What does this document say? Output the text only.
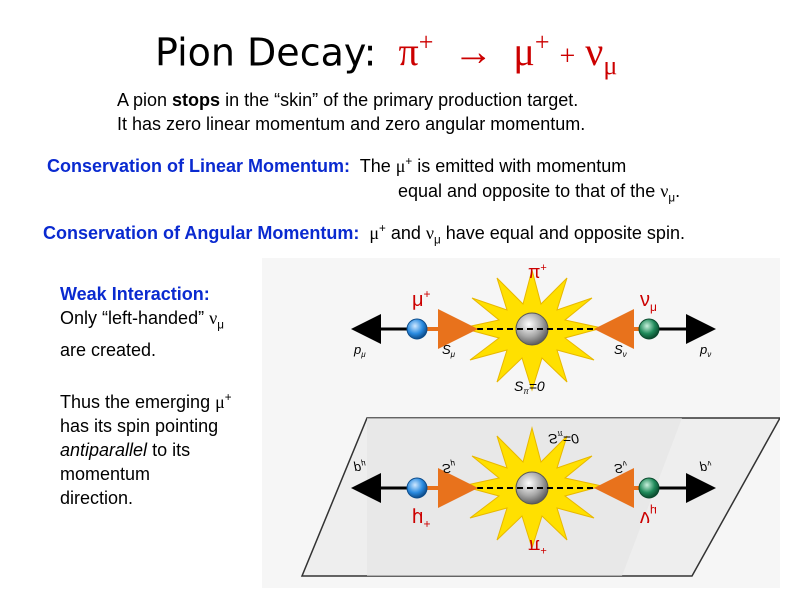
Pion Decay: $\pi^+ \to \mu^+ + \nu_\mu$
A pion stops in the “skin” of the primary production target.
It has zero linear momentum and zero angular momentum.
Conservation of Linear Momentum: The μ+ is emitted with momentum
equal and opposite to that of the $\nu_\mu$.
Conservation of Angular Momentum: μ+ and $\nu_\mu$ have equal and opposite spin.

Weak Interaction:

Only “left-handed” $\nu_\mu$

are created.

Thus the emerging μ+

has its spin pointing

antiparallel to its

momentum

direction.

π+
μ+	$\nu_\mu$
$p_\mu$	$S_\mu$	$S_\nu$	$p_\nu$
$S_\pi=0$
$S_\pi=0$
$p_\mu$	$S_\mu$	$S_\nu$	$p_\nu$
μ+	$\nu_\mu$
π+
